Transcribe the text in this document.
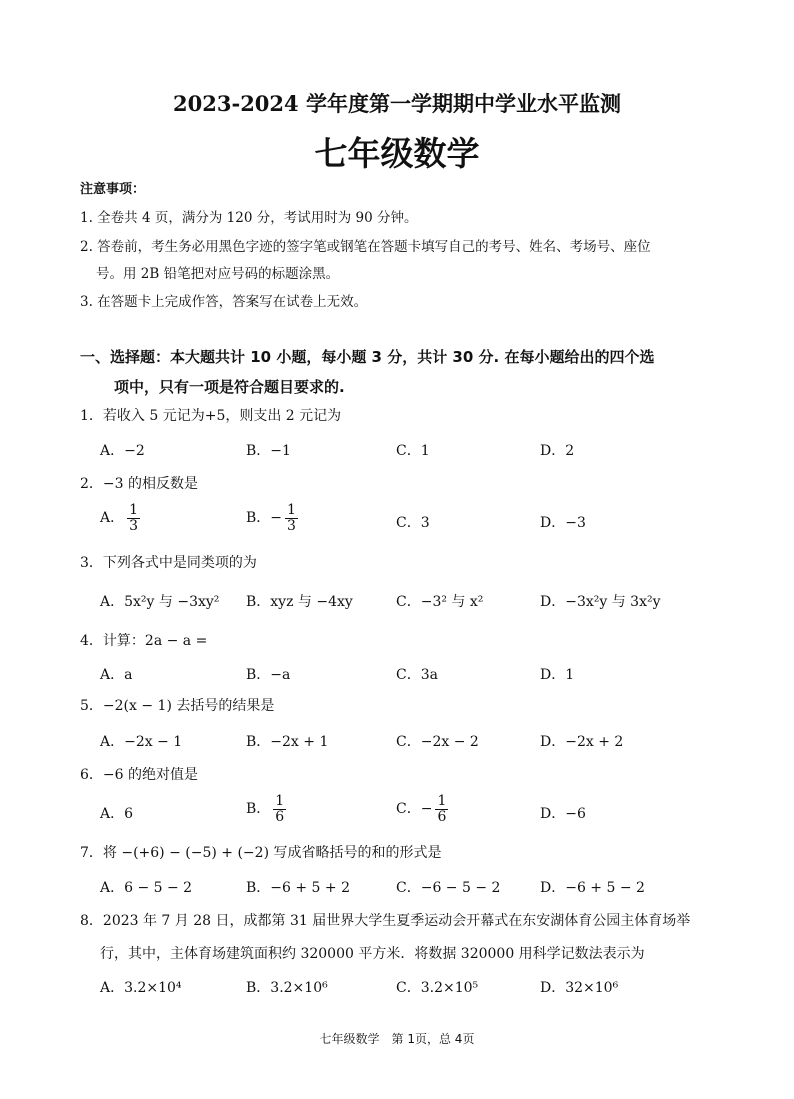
2023-2024 学年度第一学期期中学业水平监测
七年级数学
注意事项：
1. 全卷共 4 页，满分为 120 分，考试用时为 90 分钟。
2. 答卷前，考生务必用黑色字迹的签字笔或钢笔在答题卡填写自己的考号、姓名、考场号、座位
号。用 2B 铅笔把对应号码的标题涂黑。
3. 在答题卡上完成作答，答案写在试卷上无效。
一、选择题：本大题共计 10 小题，每小题 3 分，共计 30 分. 在每小题给出的四个选
项中，只有一项是符合题目要求的.
1．若收入 5 元记为+5，则支出 2 元记为
A．−2	B．−1	C．1	D．2
2．−3 的相反数是
A． $\frac{1}{3}$	B．− $\frac{1}{3}$	C．3	D．−3
3．下列各式中是同类项的为
A．5x²y 与 −3xy² B．xyz 与 −4xy	C．−3² 与 x²	D．−3x²y 与 3x²y
4．计算：2a − a =
A．a	B．−a	C．3a	D．1
5．−2(x − 1) 去括号的结果是
A．−2x − 1	B．−2x + 1	C．−2x − 2	D．−2x + 2
6．−6 的绝对值是
A．6	B． $\frac{1}{6}$	C．− $\frac{1}{6}$	D．−6
7．将 −(+6) − (−5) + (−2) 写成省略括号的和的形式是
A．6 − 5 − 2	B．−6 + 5 + 2	C．−6 − 5 − 2	D．−6 + 5 − 2
8．2023 年 7 月 28 日，成都第 31 届世界大学生夏季运动会开幕式在东安湖体育公园主体育场举
行，其中，主体育场建筑面积约 320000 平方米．将数据 320000 用科学记数法表示为
A．3.2×10⁴	B．3.2×10⁶	C．3.2×10⁵	D．32×10⁶
七年级数学　第 1页，总 4页
